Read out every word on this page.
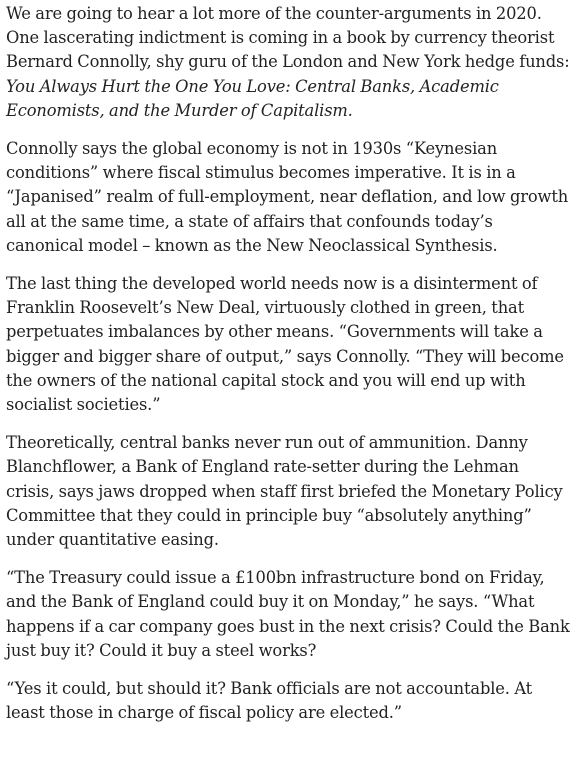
We are going to hear a lot more of the counter-arguments in 2020. One lascerating indictment is coming in a book by currency theorist Bernard Connolly, shy guru of the London and New York hedge funds: You Always Hurt the One You Love: Central Banks, Academic Economists, and the Murder of Capitalism.

Connolly says the global economy is not in 1930s “Keynesian conditions” where fiscal stimulus becomes imperative. It is in a “Japanised” realm of full-employment, near deflation, and low growth all at the same time, a state of affairs that confounds today’s canonical model – known as the New Neoclassical Synthesis.

The last thing the developed world needs now is a disinterment of Franklin Roosevelt’s New Deal, virtuously clothed in green, that perpetuates imbalances by other means. “Governments will take a bigger and bigger share of output,” says Connolly. “They will become the owners of the national capital stock and you will end up with socialist societies.”

Theoretically, central banks never run out of ammunition. Danny Blanchflower, a Bank of England rate-setter during the Lehman crisis, says jaws dropped when staff first briefed the Monetary Policy Committee that they could in principle buy “absolutely anything” under quantitative easing.

“The Treasury could issue a £100bn infrastructure bond on Friday, and the Bank of England could buy it on Monday,” he says. “What happens if a car company goes bust in the next crisis? Could the Bank just buy it? Could it buy a steel works?

“Yes it could, but should it? Bank officials are not accountable. At least those in charge of fiscal policy are elected.”
